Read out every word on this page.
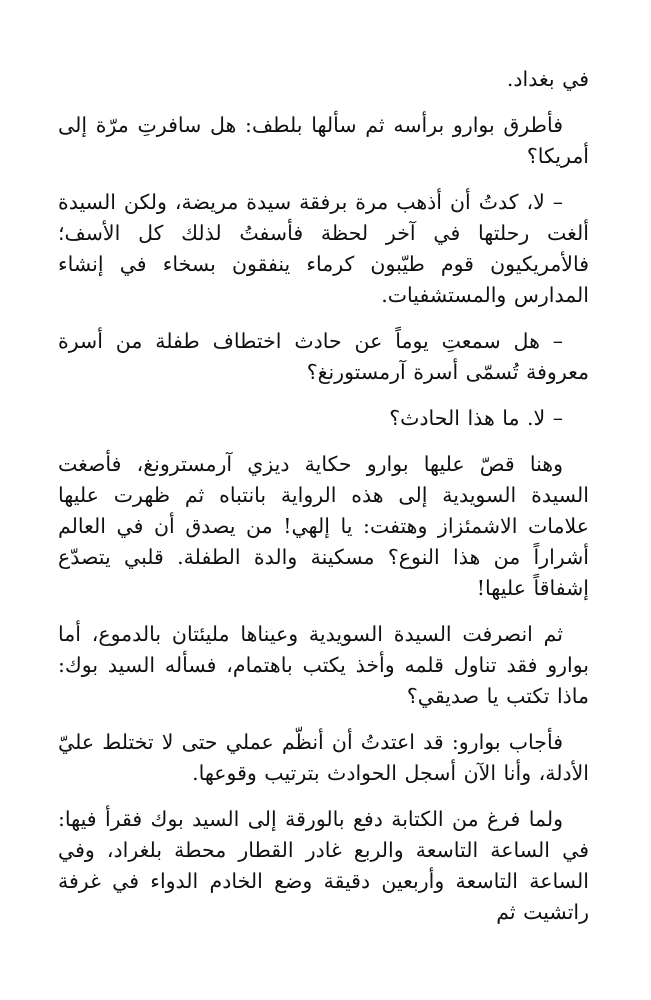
في بغداد.

فأطرق بوارو برأسه ثم سألها بلطف: هل سافرتِ مرّة إلى أمريكا؟

– لا، كدتُ أن أذهب مرة برفقة سيدة مريضة، ولكن السيدة ألغت رحلتها في آخر لحظة فأسفتُ لذلك كل الأسف؛ فالأمريكيون قوم طيّبون كرماء ينفقون بسخاء في إنشاء المدارس والمستشفيات.

– هل سمعتِ يوماً عن حادث اختطاف طفلة من أسرة معروفة تُسمّى أسرة آرمستورنغ؟

– لا. ما هذا الحادث؟

وهنا قصّ عليها بوارو حكاية ديزي آرمسترونغ، فأصغت السيدة السويدية إلى هذه الرواية بانتباه ثم ظهرت عليها علامات الاشمئزاز وهتفت: يا إلهي! من يصدق أن في العالم أشراراً من هذا النوع؟ مسكينة والدة الطفلة. قلبي يتصدّع إشفاقاً عليها!

ثم انصرفت السيدة السويدية وعيناها مليئتان بالدموع، أما بوارو فقد تناول قلمه وأخذ يكتب باهتمام، فسأله السيد بوك: ماذا تكتب يا صديقي؟

فأجاب بوارو: قد اعتدتُ أن أنظّم عملي حتى لا تختلط عليّ الأدلة، وأنا الآن أسجل الحوادث بترتيب وقوعها.

ولما فرغ من الكتابة دفع بالورقة إلى السيد بوك فقرأ فيها: في الساعة التاسعة والربع غادر القطار محطة بلغراد، وفي الساعة التاسعة وأربعين دقيقة وضع الخادم الدواء في غرفة راتشيت ثم
